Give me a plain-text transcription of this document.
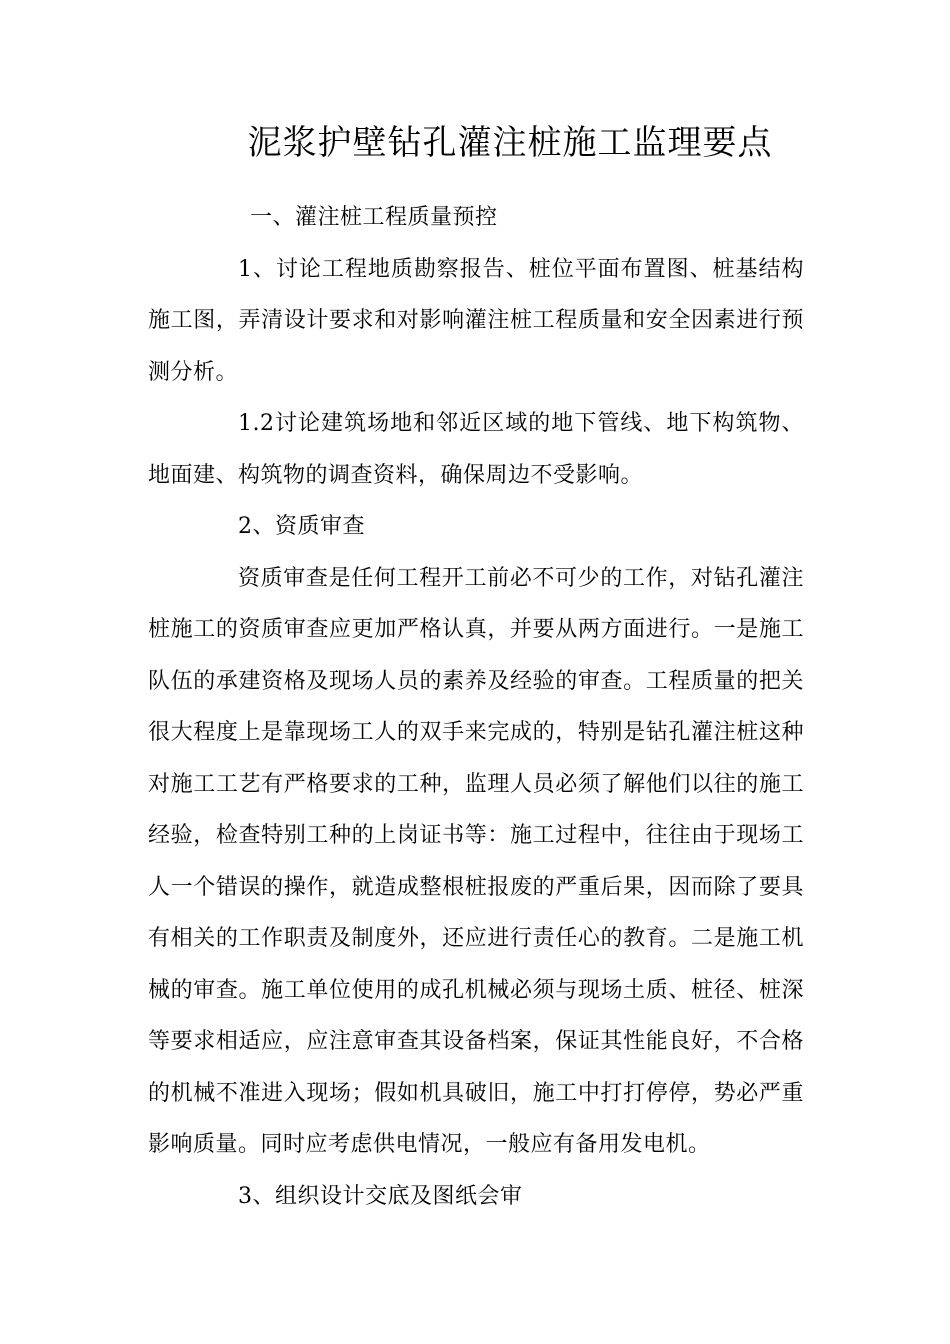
泥浆护壁钻孔灌注桩施工监理要点

一、灌注桩工程质量预控

1、讨论工程地质勘察报告、桩位平面布置图、桩基结构施工图，弄清设计要求和对影响灌注桩工程质量和安全因素进行预测分析。

1.2讨论建筑场地和邻近区域的地下管线、地下构筑物、地面建、构筑物的调查资料，确保周边不受影响。

2、资质审查

资质审查是任何工程开工前必不可少的工作，对钻孔灌注桩施工的资质审查应更加严格认真，并要从两方面进行。一是施工队伍的承建资格及现场人员的素养及经验的审查。工程质量的把关很大程度上是靠现场工人的双手来完成的，特别是钻孔灌注桩这种对施工工艺有严格要求的工种，监理人员必须了解他们以往的施工经验，检查特别工种的上岗证书等：施工过程中，往往由于现场工人一个错误的操作，就造成整根桩报废的严重后果，因而除了要具有相关的工作职责及制度外，还应进行责任心的教育。二是施工机械的审查。施工单位使用的成孔机械必须与现场土质、桩径、桩深等要求相适应，应注意审查其设备档案，保证其性能良好，不合格的机械不准进入现场；假如机具破旧，施工中打打停停，势必严重影响质量。同时应考虑供电情况，一般应有备用发电机。

3、组织设计交底及图纸会审
